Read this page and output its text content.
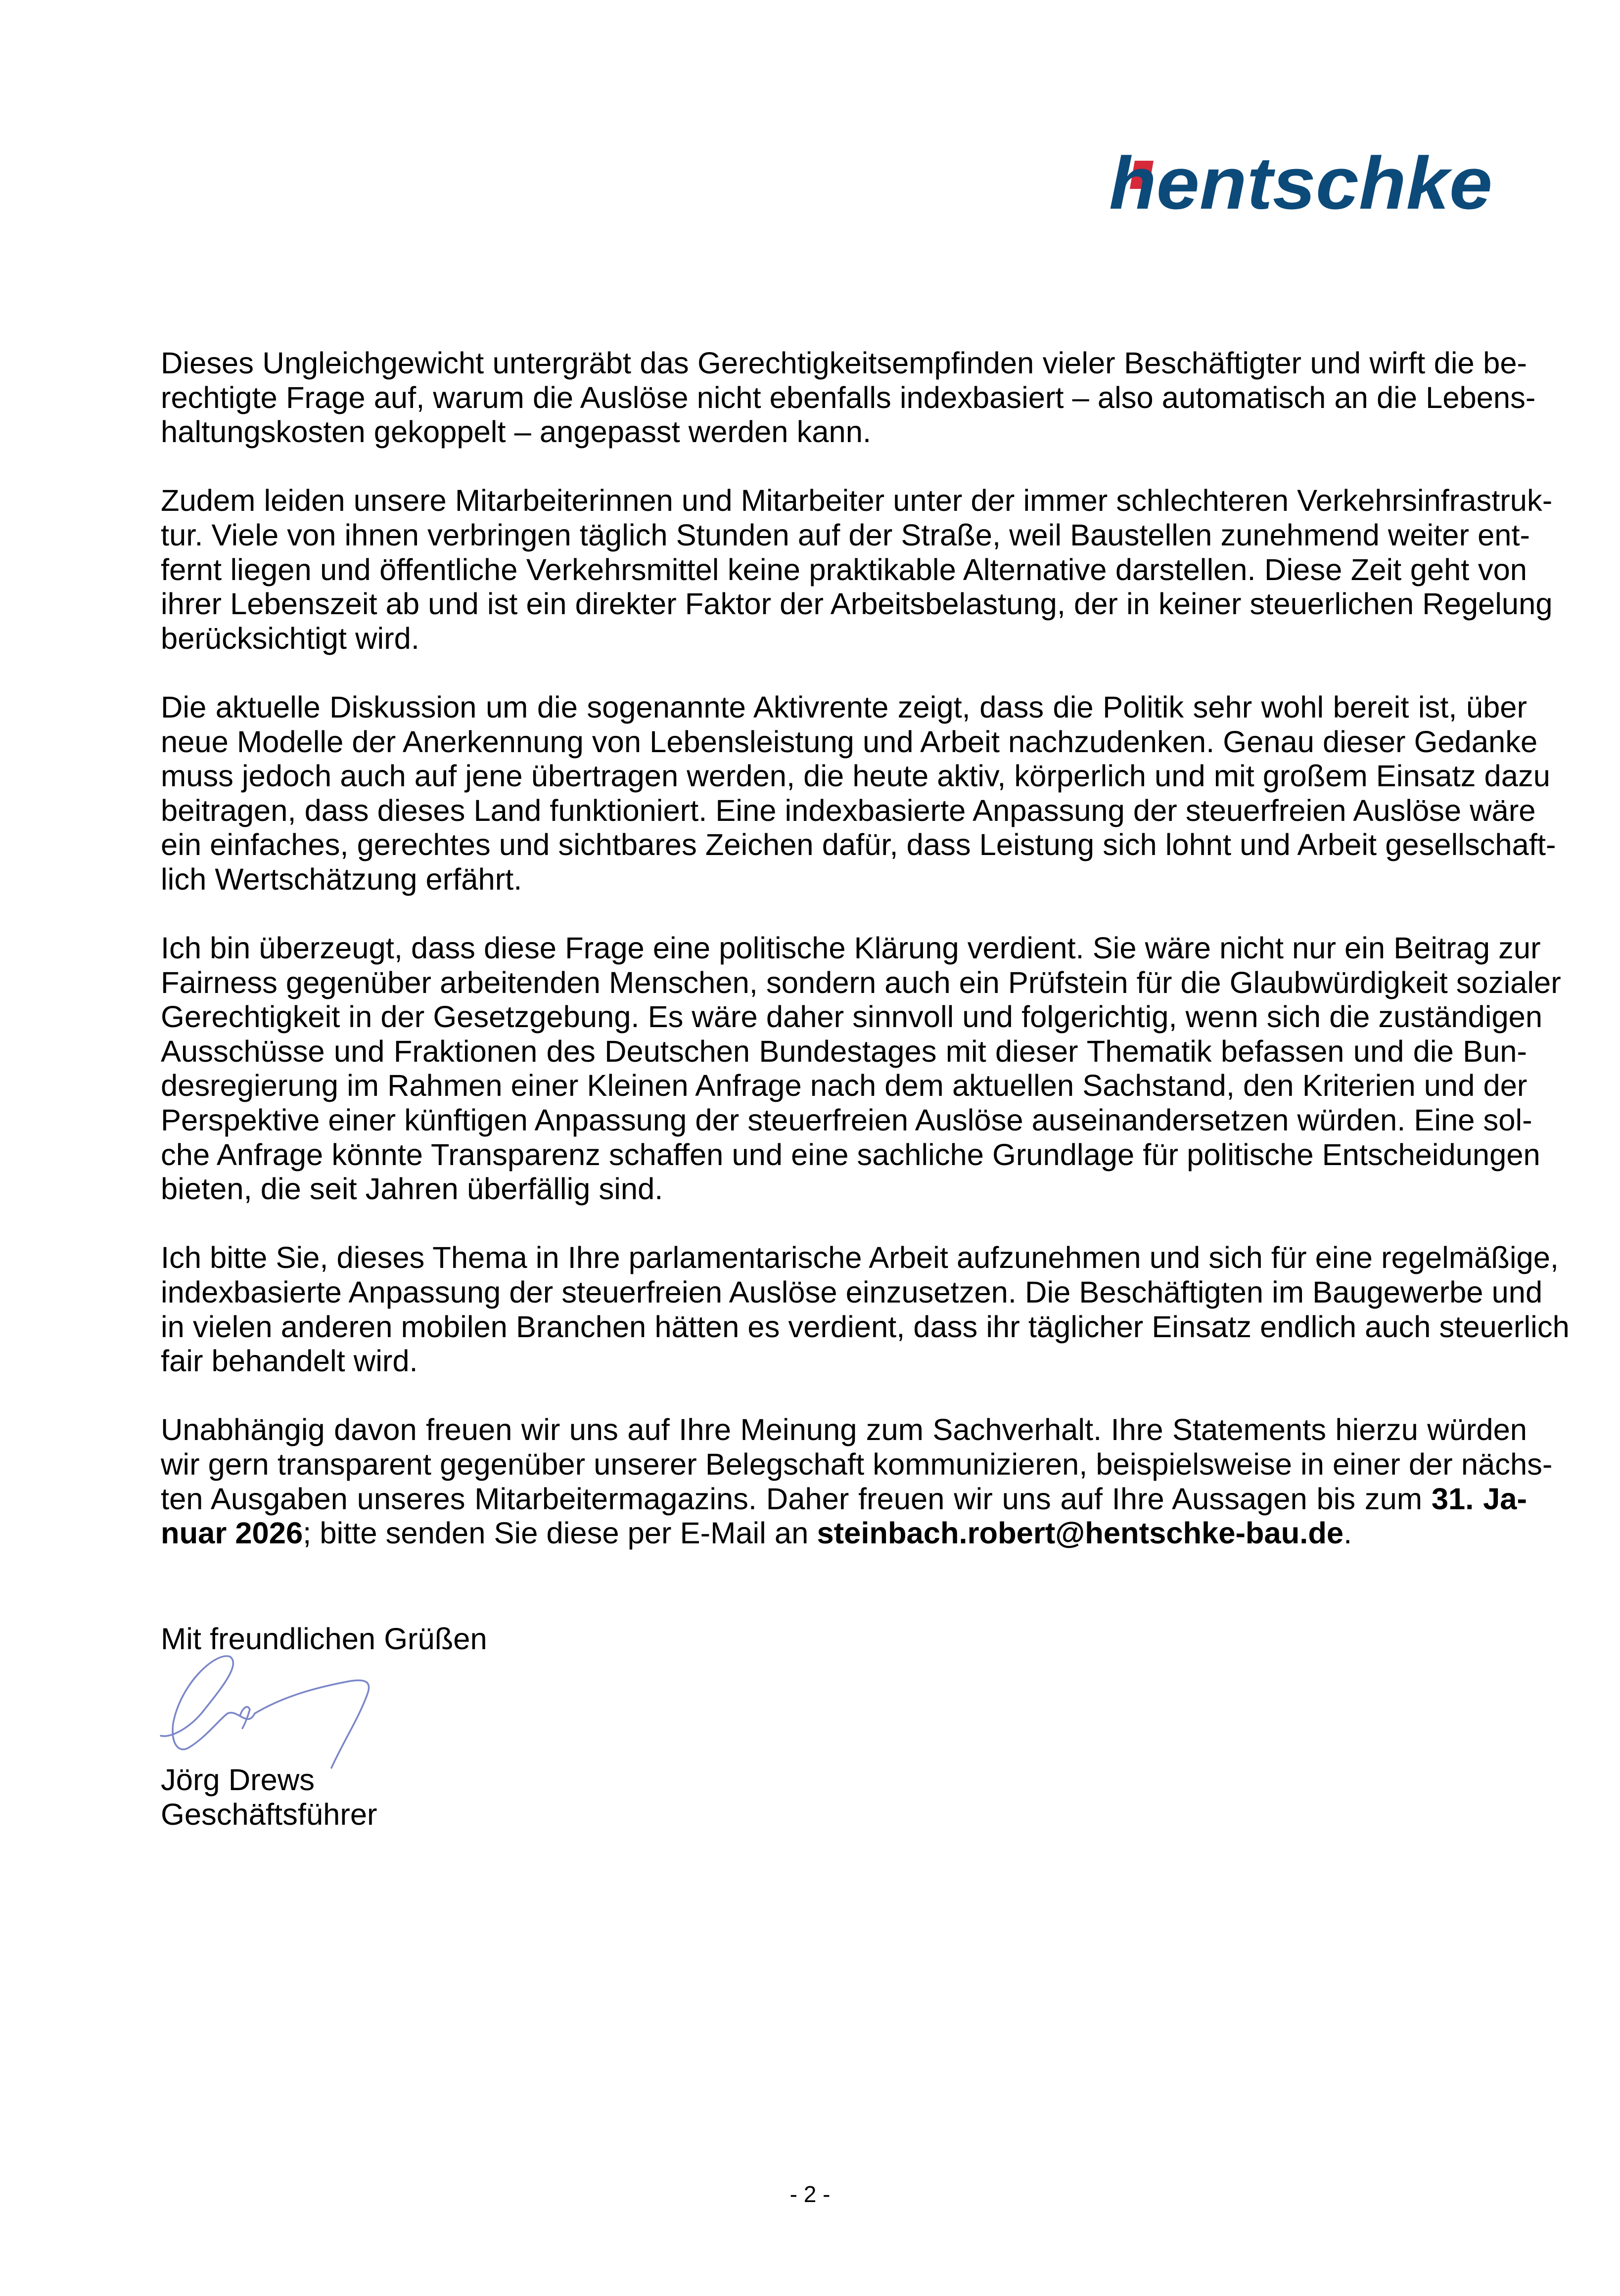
hentschke

Dieses Ungleichgewicht untergräbt das Gerechtigkeitsempfinden vieler Beschäftigter und wirft die be-
rechtigte Frage auf, warum die Auslöse nicht ebenfalls indexbasiert – also automatisch an die Lebens-
haltungskosten gekoppelt – angepasst werden kann.

Zudem leiden unsere Mitarbeiterinnen und Mitarbeiter unter der immer schlechteren Verkehrsinfrastruk-
tur. Viele von ihnen verbringen täglich Stunden auf der Straße, weil Baustellen zunehmend weiter ent-
fernt liegen und öffentliche Verkehrsmittel keine praktikable Alternative darstellen. Diese Zeit geht von
ihrer Lebenszeit ab und ist ein direkter Faktor der Arbeitsbelastung, der in keiner steuerlichen Regelung
berücksichtigt wird.

Die aktuelle Diskussion um die sogenannte Aktivrente zeigt, dass die Politik sehr wohl bereit ist, über
neue Modelle der Anerkennung von Lebensleistung und Arbeit nachzudenken. Genau dieser Gedanke
muss jedoch auch auf jene übertragen werden, die heute aktiv, körperlich und mit großem Einsatz dazu
beitragen, dass dieses Land funktioniert. Eine indexbasierte Anpassung der steuerfreien Auslöse wäre
ein einfaches, gerechtes und sichtbares Zeichen dafür, dass Leistung sich lohnt und Arbeit gesellschaft-
lich Wertschätzung erfährt.

Ich bin überzeugt, dass diese Frage eine politische Klärung verdient. Sie wäre nicht nur ein Beitrag zur
Fairness gegenüber arbeitenden Menschen, sondern auch ein Prüfstein für die Glaubwürdigkeit sozialer
Gerechtigkeit in der Gesetzgebung. Es wäre daher sinnvoll und folgerichtig, wenn sich die zuständigen
Ausschüsse und Fraktionen des Deutschen Bundestages mit dieser Thematik befassen und die Bun-
desregierung im Rahmen einer Kleinen Anfrage nach dem aktuellen Sachstand, den Kriterien und der
Perspektive einer künftigen Anpassung der steuerfreien Auslöse auseinandersetzen würden. Eine sol-
che Anfrage könnte Transparenz schaffen und eine sachliche Grundlage für politische Entscheidungen
bieten, die seit Jahren überfällig sind.

Ich bitte Sie, dieses Thema in Ihre parlamentarische Arbeit aufzunehmen und sich für eine regelmäßige,
indexbasierte Anpassung der steuerfreien Auslöse einzusetzen. Die Beschäftigten im Baugewerbe und
in vielen anderen mobilen Branchen hätten es verdient, dass ihr täglicher Einsatz endlich auch steuerlich
fair behandelt wird.

Unabhängig davon freuen wir uns auf Ihre Meinung zum Sachverhalt. Ihre Statements hierzu würden
wir gern transparent gegenüber unserer Belegschaft kommunizieren, beispielsweise in einer der nächs-
ten Ausgaben unseres Mitarbeitermagazins. Daher freuen wir uns auf Ihre Aussagen bis zum 31. Ja-
nuar 2026; bitte senden Sie diese per E-Mail an steinbach.robert@hentschke-bau.de.

Mit freundlichen Grüßen
Jörg Drews
Geschäftsführer
- 2 -
